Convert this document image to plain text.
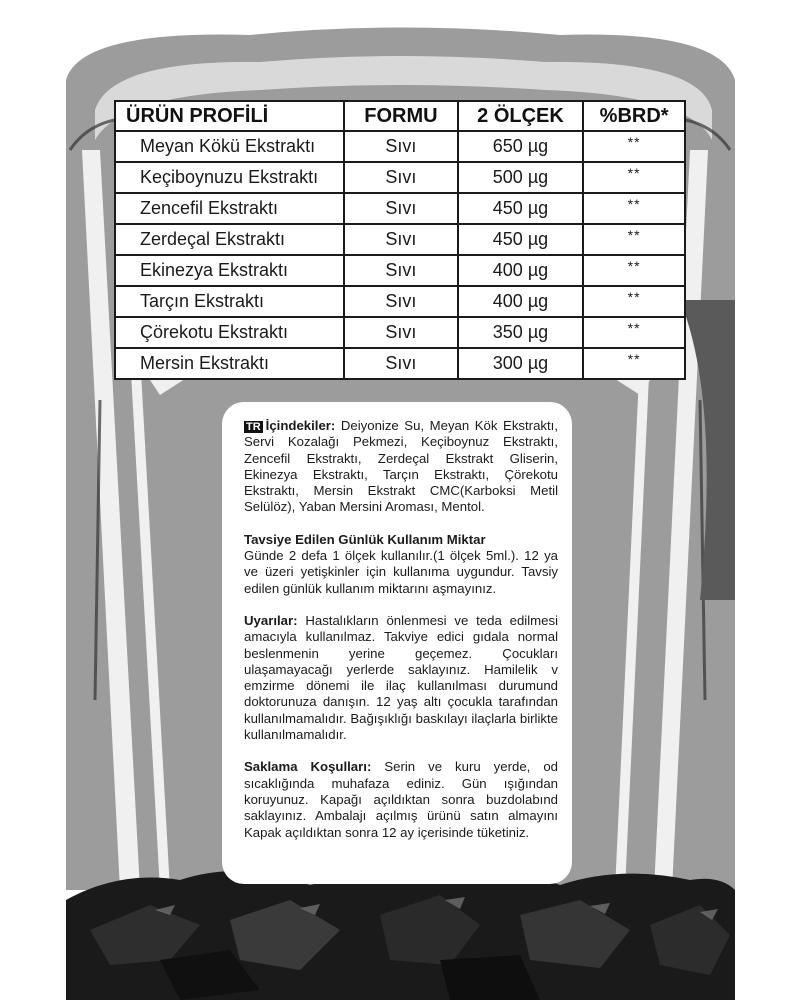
ÜRÜN PROFİLİ	FORMU	2 ÖLÇEK	%BRD*
Meyan Kökü Ekstraktı	Sıvı	650 µg	**
Keçiboynuzu Ekstraktı	Sıvı	500 µg	**
Zencefil Ekstraktı	Sıvı	450 µg	**
Zerdeçal Ekstraktı	Sıvı	450 µg	**
Ekinezya Ekstraktı	Sıvı	400 µg	**
Tarçın Ekstraktı	Sıvı	400 µg	**
Çörekotu Ekstraktı	Sıvı	350 µg	**
Mersin Ekstraktı	Sıvı	300 µg	**

TR İçindekiler: Deiyonize Su, Meyan Kök Ekstraktı, Servi Kozalağı Pekmezi, Keçiboynuz Ekstraktı, Zencefil Ekstraktı, Zerdeçal Ekstrakt Gliserin, Ekinezya Ekstraktı, Tarçın Ekstraktı, Çörekotu Ekstraktı, Mersin Ekstrakt CMC(Karboksi Metil Selülöz), Yaban Mersini Aroması, Mentol.

Tavsiye Edilen Günlük Kullanım Miktar
Günde 2 defa 1 ölçek kullanılır.(1 ölçek 5ml.). 12 ya ve üzeri yetişkinler için kullanıma uygundur. Tavsiy edilen günlük kullanım miktarını aşmayınız.

Uyarılar: Hastalıkların önlenmesi ve teda edilmesi amacıyla kullanılmaz. Takviye edici gıdala normal beslenmenin yerine geçemez. Çocukları ulaşamayacağı yerlerde saklayınız. Hamilelik v emzirme dönemi ile ilaç kullanılması durumund doktorunuza danışın. 12 yaş altı çocukla tarafından kullanılmamalıdır. Bağışıklığı baskılayı ilaçlarla birlikte kullanılmamalıdır.

Saklama Koşulları: Serin ve kuru yerde, od sıcaklığında muhafaza ediniz. Gün ışığından koruyunuz. Kapağı açıldıktan sonra buzdolabınd saklayınız. Ambalajı açılmış ürünü satın almayını Kapak açıldıktan sonra 12 ay içerisinde tüketiniz.
